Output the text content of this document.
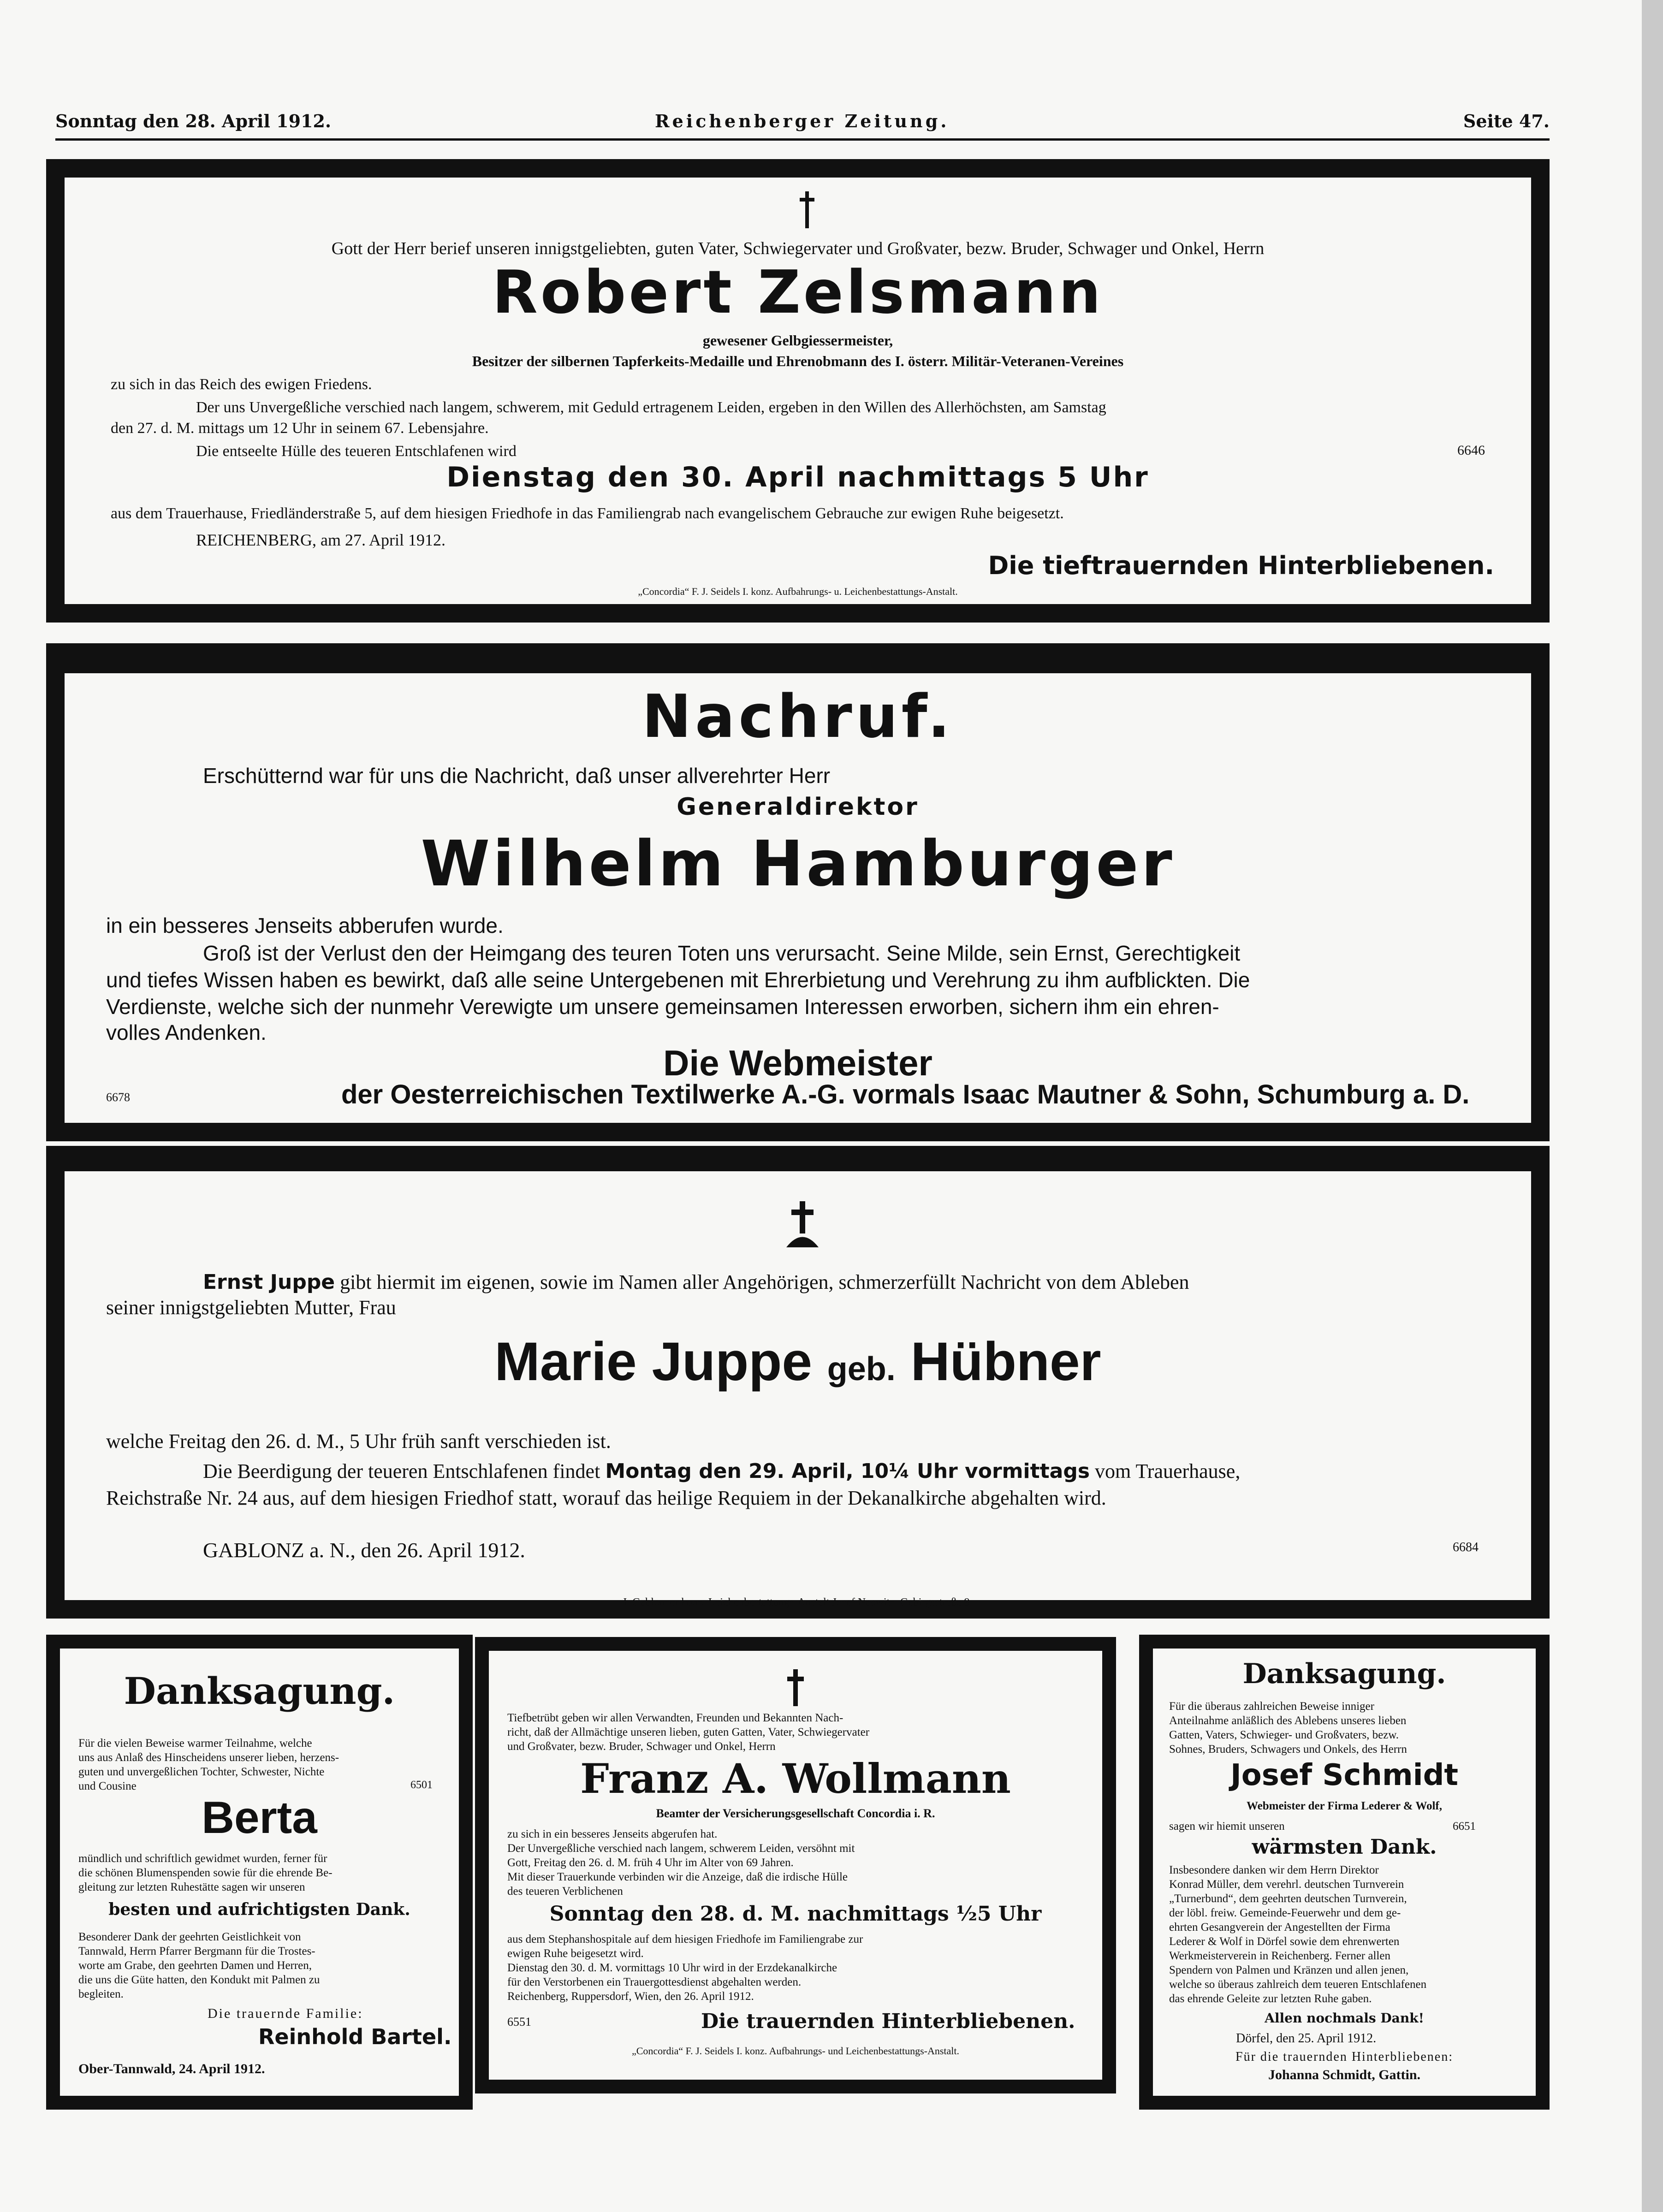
Sonntag den 28. April 1912.	Reichenberger Zeitung.	Seite 47.
Gott der Herr berief unseren innigstgeliebten, guten Vater, Schwiegervater und Großvater, bezw. Bruder, Schwager und Onkel, Herrn
Robert Zelsmann
gewesener Gelbgiessermeister,
Besitzer der silbernen Tapferkeits-Medaille und Ehrenobmann des I. österr. Militär-Veteranen-Vereines
zu sich in das Reich des ewigen Friedens.
Der uns Unvergeßliche verschied nach langem, schwerem, mit Geduld ertragenem Leiden, ergeben in den Willen des Allerhöchsten, am Samstag
den 27. d. M. mittags um 12 Uhr in seinem 67. Lebensjahre.
Die entseelte Hülle des teueren Entschlafenen wird	6646
Dienstag den 30. April nachmittags 5 Uhr
aus dem Trauerhause, Friedländerstraße 5, auf dem hiesigen Friedhofe in das Familiengrab nach evangelischem Gebrauche zur ewigen Ruhe beigesetzt.
REICHENBERG, am 27. April 1912.
Die tieftrauernden Hinterbliebenen.
„Concordia“ F. J. Seidels I. konz. Aufbahrungs- u. Leichenbestattungs-Anstalt.
Nachruf.
Erschütternd war für uns die Nachricht, daß unser allverehrter Herr
Generaldirektor
Wilhelm Hamburger
in ein besseres Jenseits abberufen wurde.
Groß ist der Verlust den der Heimgang des teuren Toten uns verursacht. Seine Milde, sein Ernst, Gerechtigkeit
und tiefes Wissen haben es bewirkt, daß alle seine Untergebenen mit Ehrerbietung und Verehrung zu ihm aufblickten. Die
Verdienste, welche sich der nunmehr Verewigte um unsere gemeinsamen Interessen erworben, sichern ihm ein ehren-
volles Andenken.
Die Webmeister
6678	der Oesterreichischen Textilwerke A.-G. vormals Isaac Mautner & Sohn, Schumburg a. D.
Ernst Juppe gibt hiermit im eigenen, sowie im Namen aller Angehörigen, schmerzerfüllt Nachricht von dem Ableben
seiner innigstgeliebten Mutter, Frau
Marie Juppe geb. Hübner
welche Freitag den 26. d. M., 5 Uhr früh sanft verschieden ist.
Die Beerdigung der teueren Entschlafenen findet Montag den 29. April, 10¼ Uhr vormittags vom Trauerhause,
Reichstraße Nr. 24 aus, auf dem hiesigen Friedhof statt, worauf das heilige Requiem in der Dekanalkirche abgehalten wird.
GABLONZ a. N., den 26. April 1912.	6684
I. Gablonzer konz. Leichenbestattungs-Anstalt Josef Noswitz, Gebirgsstraße 9.
Danksagung.
Für die vielen Beweise warmer Teilnahme, welche
uns aus Anlaß des Hinscheidens unserer lieben, herzens-
guten und unvergeßlichen Tochter, Schwester, Nichte
und Cousine	6501
Berta
mündlich und schriftlich gewidmet wurden, ferner für
die schönen Blumenspenden sowie für die ehrende Be-
gleitung zur letzten Ruhestätte sagen wir unseren
besten und aufrichtigsten Dank.
Besonderer Dank der geehrten Geistlichkeit von
Tannwald, Herrn Pfarrer Bergmann für die Trostes-
worte am Grabe, den geehrten Damen und Herren,
die uns die Güte hatten, den Kondukt mit Palmen zu
begleiten.
Die trauernde Familie:
Reinhold Bartel.
Ober-Tannwald, 24. April 1912.
Tiefbetrübt geben wir allen Verwandten, Freunden und Bekannten Nach-
richt, daß der Allmächtige unseren lieben, guten Gatten, Vater, Schwiegervater
und Großvater, bezw. Bruder, Schwager und Onkel, Herrn
Franz A. Wollmann
Beamter der Versicherungsgesellschaft Concordia i. R.
zu sich in ein besseres Jenseits abgerufen hat.
Der Unvergeßliche verschied nach langem, schwerem Leiden, versöhnt mit
Gott, Freitag den 26. d. M. früh 4 Uhr im Alter von 69 Jahren.
Mit dieser Trauerkunde verbinden wir die Anzeige, daß die irdische Hülle
des teueren Verblichenen
Sonntag den 28. d. M. nachmittags ½5 Uhr
aus dem Stephanshospitale auf dem hiesigen Friedhofe im Familiengrabe zur
ewigen Ruhe beigesetzt wird.
Dienstag den 30. d. M. vormittags 10 Uhr wird in der Erzdekanalkirche
für den Verstorbenen ein Trauergottesdienst abgehalten werden.
Reichenberg, Ruppersdorf, Wien, den 26. April 1912.
6551	Die trauernden Hinterbliebenen.
„Concordia“ F. J. Seidels I. konz. Aufbahrungs- und Leichenbestattungs-Anstalt.
Danksagung.
Für die überaus zahlreichen Beweise inniger
Anteilnahme anläßlich des Ablebens unseres lieben
Gatten, Vaters, Schwieger- und Großvaters, bezw.
Sohnes, Bruders, Schwagers und Onkels, des Herrn
Josef Schmidt
Webmeister der Firma Lederer & Wolf,
sagen wir hiemit unseren	6651
wärmsten Dank.
Insbesondere danken wir dem Herrn Direktor
Konrad Müller, dem verehrl. deutschen Turnverein
„Turnerbund“, dem geehrten deutschen Turnverein,
der löbl. freiw. Gemeinde-Feuerwehr und dem ge-
ehrten Gesangverein der Angestellten der Firma
Lederer & Wolf in Dörfel sowie dem ehrenwerten
Werkmeisterverein in Reichenberg. Ferner allen
Spendern von Palmen und Kränzen und allen jenen,
welche so überaus zahlreich dem teueren Entschlafenen
das ehrende Geleite zur letzten Ruhe gaben.
Allen nochmals Dank!
Dörfel, den 25. April 1912.
Für die trauernden Hinterbliebenen:
Johanna Schmidt, Gattin.
